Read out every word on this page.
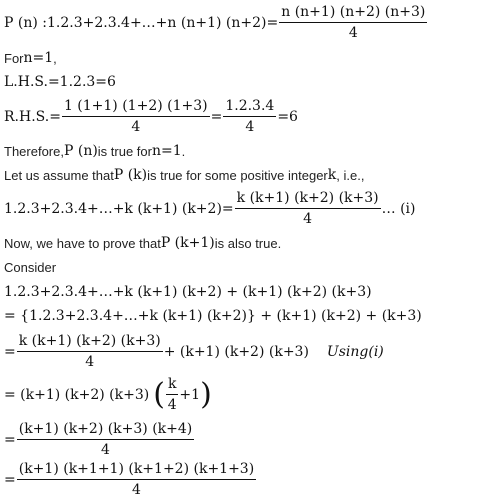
P (n) :1.2.3+2.3.4+…+n (n+1) $(n+2) = \frac{n (n+1) (n+2) (n+3)}{4}$
For n=1 ,
L.H.S.=1.2.3=6
$R.H.S.= \frac{1 (1+1) (1+2) (1+3)}{4} = \frac{1.2.3.4}{4} =6$
Therefore, P (n) is true for n=1 .
Let us assume that P (k) is true for some positive integer k , i.e.,
1.2.3+2.3.4+…+k (k+1) $(k+2) = \frac{k (k+1) (k+2) (k+3)}{4}$ … (i)
Now, we have to prove that P (k+1) is also true.
Consider
1.2.3+2.3.4+…+k (k+1) (k+2) + (k+1) (k+2) (k+3)
= {1.2.3+2.3.4+…+k (k+1) (k+2)} + (k+1) (k+2) + (k+3)
= $\frac{k (k+1) (k+2) (k+3)}{4} + (k+1)$ (k+2) (k+3) Using(i)
= (k+1) (k+2) (k+3) ( $\frac{k}{4} +1$ )
= $\frac{(k+1) (k+2) (k+3) (k+4)}{4}$
= $\frac{(k+1) (k+1+1) (k+1+2) (k+1+3)}{4}$
